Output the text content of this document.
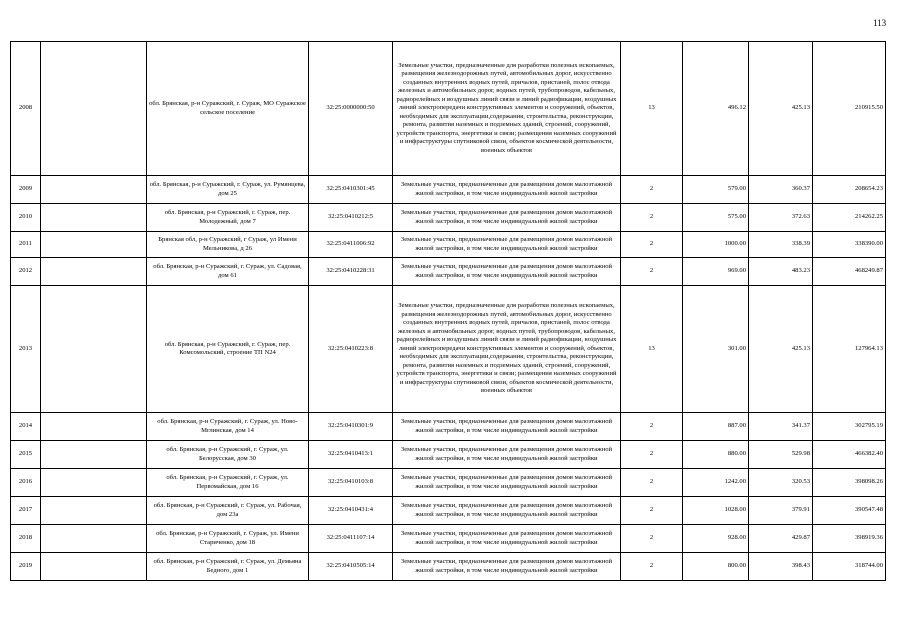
113
2008		обл. Брянская, р-н Суражский, г. Сураж, МО Суражское сельское поселение	32:25:0000000:50	Земельные участки, предназначенные для разработки полезных ископаемых, размещения железнодорожных путей, автомобильных дорог, искусственно созданных внутренних водных путей, причалов, пристаней, полос отвода железных и автомобильных дорог, водных путей, трубопроводов, кабельных, радиорелейных и воздушных линий связи и линий радиофикации, воздушных линий электропередачи конструктивных элементов и сооружений, объектов, необходимых для эксплуатации,содержания, строительства, реконструкции, ремонта, развития наземных и подземных зданий, строений, сооружений, устройств транспорта, энергетики и связи; размещения наземных сооружений и инфраструктуры спутниковой связи, объектов космической деятельности, военных объектов	13	496.12	425.13	210915.50
2009		обл. Брянская, р-н Суражский, г. Сураж, ул. Румянцева, дом 25	32:25:0410301:45	Земельные участки, предназначенные для размещения домов малоэтажной жилой застройки, в том числе индивидуальной жилой застройки	2	579.00	360.37	208654.23
2010		обл. Брянская, р-н Суражский, г. Сураж, пер. Молодежный, дом 7	32:25:0410212:5	Земельные участки, предназначенные для размещения домов малоэтажной жилой застройки, в том числе индивидуальной жилой застройки	2	575.00	372.63	214262.25
2011		Брянская обл, р-н Суражский, г Сураж, ул Имени Мельникова, д 26	32:25:0411006:92	Земельные участки, предназначенные для размещения домов малоэтажной жилой застройки, в том числе индивидуальной жилой застройки	2	1000.00	338.39	338390.00
2012		обл. Брянская, р-н Суражский, г. Сураж, ул. Садовая, дом 61	32:25:0410228:31	Земельные участки, предназначенные для размещения домов малоэтажной жилой застройки, в том числе индивидуальной жилой застройки	2	969.00	483.23	468249.87
2013		обл. Брянская, р-н Суражский, г. Сураж, пер. Комсомольский, строение ТП N24	32:25:0410223:8	Земельные участки, предназначенные для разработки полезных ископаемых, размещения железнодорожных путей, автомобильных дорог, искусственно созданных внутренних водных путей, причалов, пристаней, полос отвода железных и автомобильных дорог, водных путей, трубопроводов, кабельных, радиорелейных и воздушных линий связи и линий радиофикации, воздушных линий электропередачи конструктивных элементов и сооружений, объектов, необходимых для эксплуатации,содержания, строительства, реконструкции, ремонта, развития наземных и подземных зданий, строений, сооружений, устройств транспорта, энергетики и связи; размещения наземных сооружений и инфраструктуры спутниковой связи, объектов космической деятельности, военных объектов	13	301.00	425.13	127964.13
2014		обл. Брянская, р-н Суражский, г. Сураж, ул. Ново-Мглинская, дом 14	32:25:0410301:9	Земельные участки, предназначенные для размещения домов малоэтажной жилой застройки, в том числе индивидуальной жилой застройки	2	887.00	341.37	302795.19
2015		обл. Брянская, р-н Суражский, г. Сураж, ул. Белорусская, дом 30	32:25:0410413:1	Земельные участки, предназначенные для размещения домов малоэтажной жилой застройки, в том числе индивидуальной жилой застройки	2	880.00	529.98	466382.40
2016		обл. Брянская, р-н Суражский, г. Сураж, ул. Первомайская, дом 16	32:25:0410103:8	Земельные участки, предназначенные для размещения домов малоэтажной жилой застройки, в том числе индивидуальной жилой застройки	2	1242.00	320.53	398098.26
2017		обл. Брянская, р-н Суражский, г. Сураж, ул. Рабочая, дом 23а	32:25:0410431:4	Земельные участки, предназначенные для размещения домов малоэтажной жилой застройки, в том числе индивидуальной жилой застройки	2	1028.00	379.91	390547.48
2018		обл. Брянская, р-н Суражский, г. Сураж, ул. Имени Стариченко, дом 18	32:25:0411107:14	Земельные участки, предназначенные для размещения домов малоэтажной жилой застройки, в том числе индивидуальной жилой застройки	2	928.00	429.87	398919.36
2019		обл. Брянская, р-н Суражский, г. Сураж, ул. Демьяна Бедного, дом 1	32:25:0410505:14	Земельные участки, предназначенные для размещения домов малоэтажной жилой застройки, в том числе индивидуальной жилой застройки	2	800.00	398.43	318744.00
